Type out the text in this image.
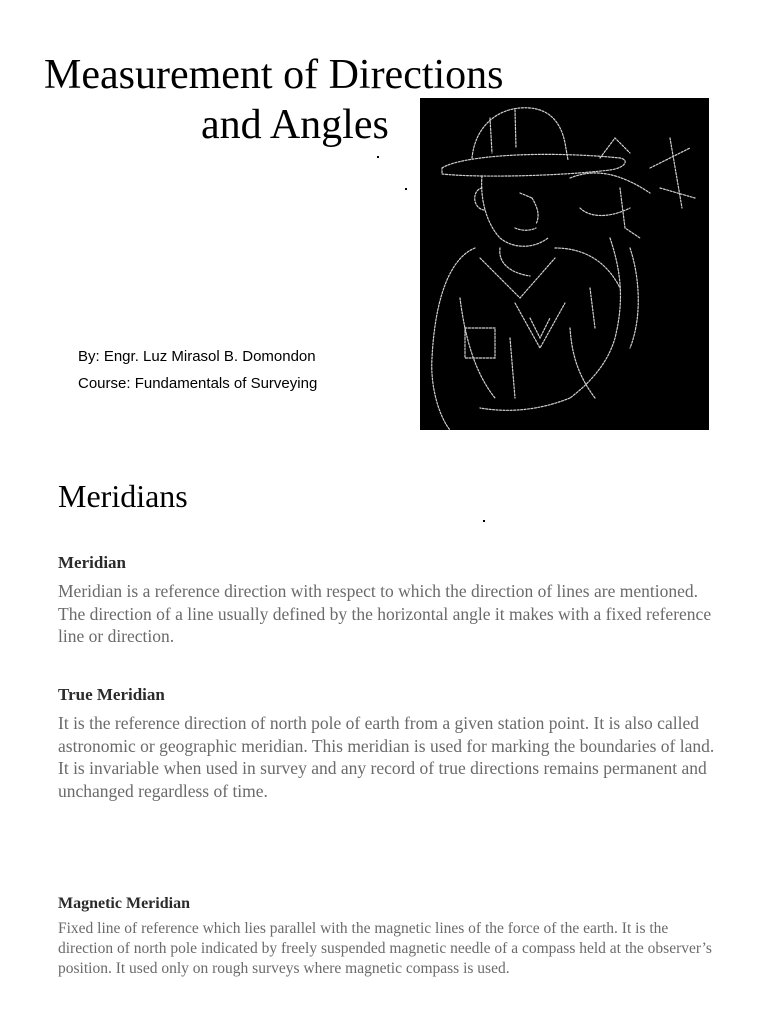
Measurement of Directions
and Angles
By: Engr. Luz Mirasol B. Domondon
Course: Fundamentals of Surveying
Meridians
Meridian

Meridian is a reference direction with respect to which the direction of lines are mentioned. The direction of a line usually defined by the horizontal angle it makes with a fixed reference line or direction.

True Meridian

It is the reference direction of north pole of earth from a given station point. It is also called astronomic or geographic meridian. This meridian is used for marking the boundaries of land. It is invariable when used in survey and any record of true directions remains permanent and unchanged regardless of time.

Magnetic Meridian

Fixed line of reference which lies parallel with the magnetic lines of the force of the earth. It is the direction of north pole indicated by freely suspended magnetic needle of a compass held at the observer’s position. It used only on rough surveys where magnetic compass is used.
